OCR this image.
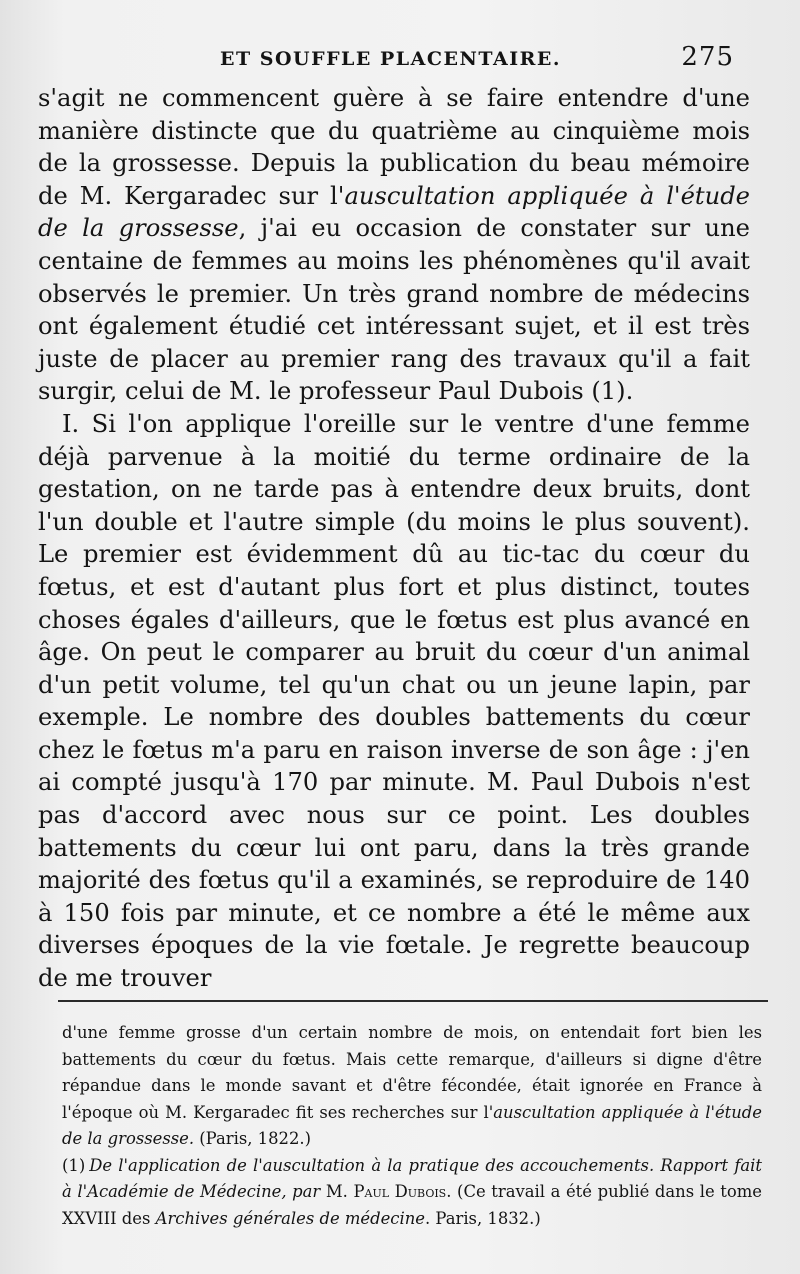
ET SOUFFLE PLACENTAIRE.	275

s'agit ne commencent guère à se faire entendre d'une manière distincte que du quatrième au cinquième mois de la grossesse. Depuis la publication du beau mémoire de M. Kergaradec sur l'auscultation appliquée à l'étude de la grossesse, j'ai eu occasion de constater sur une centaine de femmes au moins les phénomènes qu'il avait observés le premier. Un très grand nombre de médecins ont également étudié cet intéressant sujet, et il est très juste de placer au premier rang des travaux qu'il a fait surgir, celui de M. le professeur Paul Dubois (1).

I. Si l'on applique l'oreille sur le ventre d'une femme déjà parvenue à la moitié du terme ordinaire de la gestation, on ne tarde pas à entendre deux bruits, dont l'un double et l'autre simple (du moins le plus souvent). Le premier est évidemment dû au tic-tac du cœur du fœtus, et est d'autant plus fort et plus distinct, toutes choses égales d'ailleurs, que le fœtus est plus avancé en âge. On peut le comparer au bruit du cœur d'un animal d'un petit volume, tel qu'un chat ou un jeune lapin, par exemple. Le nombre des doubles battements du cœur chez le fœtus m'a paru en raison inverse de son âge : j'en ai compté jusqu'à 170 par minute. M. Paul Dubois n'est pas d'accord avec nous sur ce point. Les doubles battements du cœur lui ont paru, dans la très grande majorité des fœtus qu'il a examinés, se reproduire de 140 à 150 fois par minute, et ce nombre a été le même aux diverses époques de la vie fœtale. Je regrette beaucoup de me trouver

d'une femme grosse d'un certain nombre de mois, on entendait fort bien les battements du cœur du fœtus. Mais cette remarque, d'ailleurs si digne d'être répandue dans le monde savant et d'être fécondée, était ignorée en France à l'époque où M. Kergaradec fit ses recherches sur l'auscultation appliquée à l'étude de la grossesse. (Paris, 1822.)

(1) De l'application de l'auscultation à la pratique des accouchements. Rapport fait à l'Académie de Médecine, par M. Paul Dubois. (Ce travail a été publié dans le tome XXVIII des Archives générales de médecine. Paris, 1832.)
